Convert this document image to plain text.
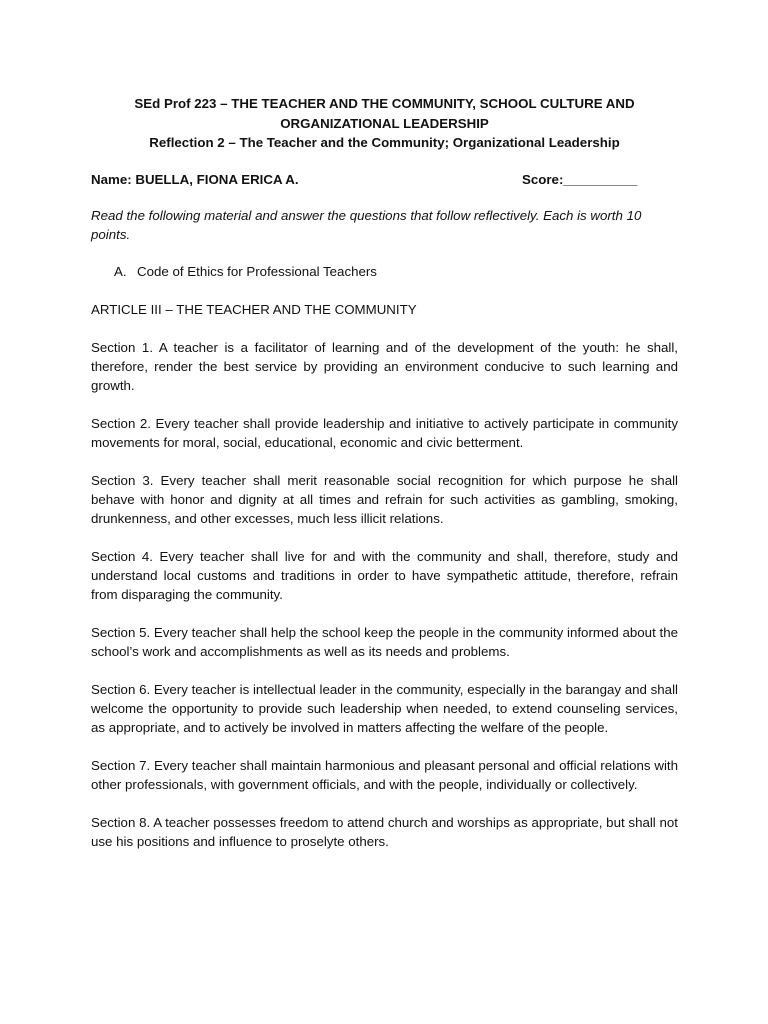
SEd Prof 223 – THE TEACHER AND THE COMMUNITY, SCHOOL CULTURE AND

ORGANIZATIONAL LEADERSHIP

Reflection 2 – The Teacher and the Community; Organizational Leadership

Name: BUELLA, FIONA ERICA A.	Score:__________

Read the following material and answer the questions that follow reflectively. Each is worth 10 points.

A. Code of Ethics for Professional Teachers

ARTICLE III – THE TEACHER AND THE COMMUNITY

Section 1. A teacher is a facilitator of learning and of the development of the youth: he shall, therefore, render the best service by providing an environment conducive to such learning and growth.

Section 2. Every teacher shall provide leadership and initiative to actively participate in community movements for moral, social, educational, economic and civic betterment.

Section 3. Every teacher shall merit reasonable social recognition for which purpose he shall behave with honor and dignity at all times and refrain for such activities as gambling, smoking, drunkenness, and other excesses, much less illicit relations.

Section 4. Every teacher shall live for and with the community and shall, therefore, study and understand local customs and traditions in order to have sympathetic attitude, therefore, refrain from disparaging the community.

Section 5. Every teacher shall help the school keep the people in the community informed about the school’s work and accomplishments as well as its needs and problems.

Section 6. Every teacher is intellectual leader in the community, especially in the barangay and shall welcome the opportunity to provide such leadership when needed, to extend counseling services, as appropriate, and to actively be involved in matters affecting the welfare of the people.

Section 7. Every teacher shall maintain harmonious and pleasant personal and official relations with other professionals, with government officials, and with the people, individually or collectively.

Section 8. A teacher possesses freedom to attend church and worships as appropriate, but shall not use his positions and influence to proselyte others.
